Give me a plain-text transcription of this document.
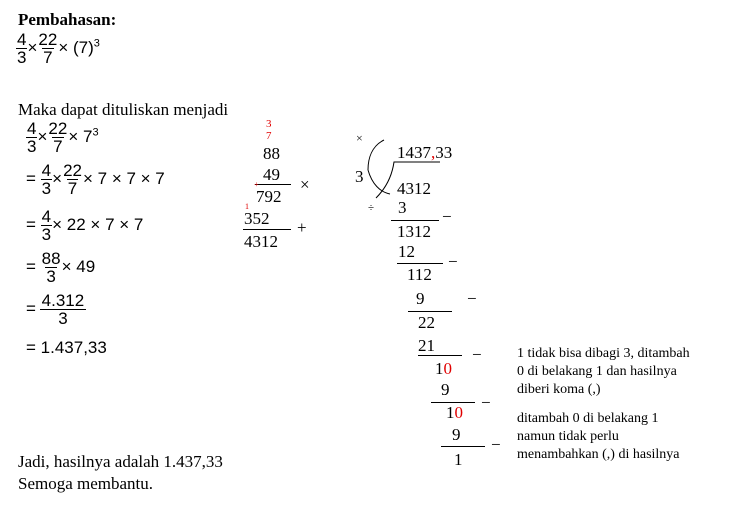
Pembahasan:
$\frac{4}{3} \times \frac{22}{7} \times (7)^3$
Maka dapat dituliskan menjadi
$\frac{4}{3} \times \frac{22}{7} \times 7^3$
= $\frac{4}{3} \times \frac{22}{7} \times 7 \times 7 \times 7$
= $\frac{4}{3} \times 22 \times 7 \times 7$
= $\frac{88}{3} \times 49$
= $\frac{4.312}{3}$
= 1.437,33
3
7
88
49
×
+
792
1
352 +
4312
×
3
1437,33
4312
÷ 3 −
1312
12
−
112
9	−
22
21 −
10
9
−
10
9
−
1
1 tidak bisa dibagi 3, ditambah
0 di belakang 1 dan hasilnya
diberi koma (,)
ditambah 0 di belakang 1
namun tidak perlu
menambahkan (,) di hasilnya
Jadi, hasilnya adalah 1.437,33
Semoga membantu.
